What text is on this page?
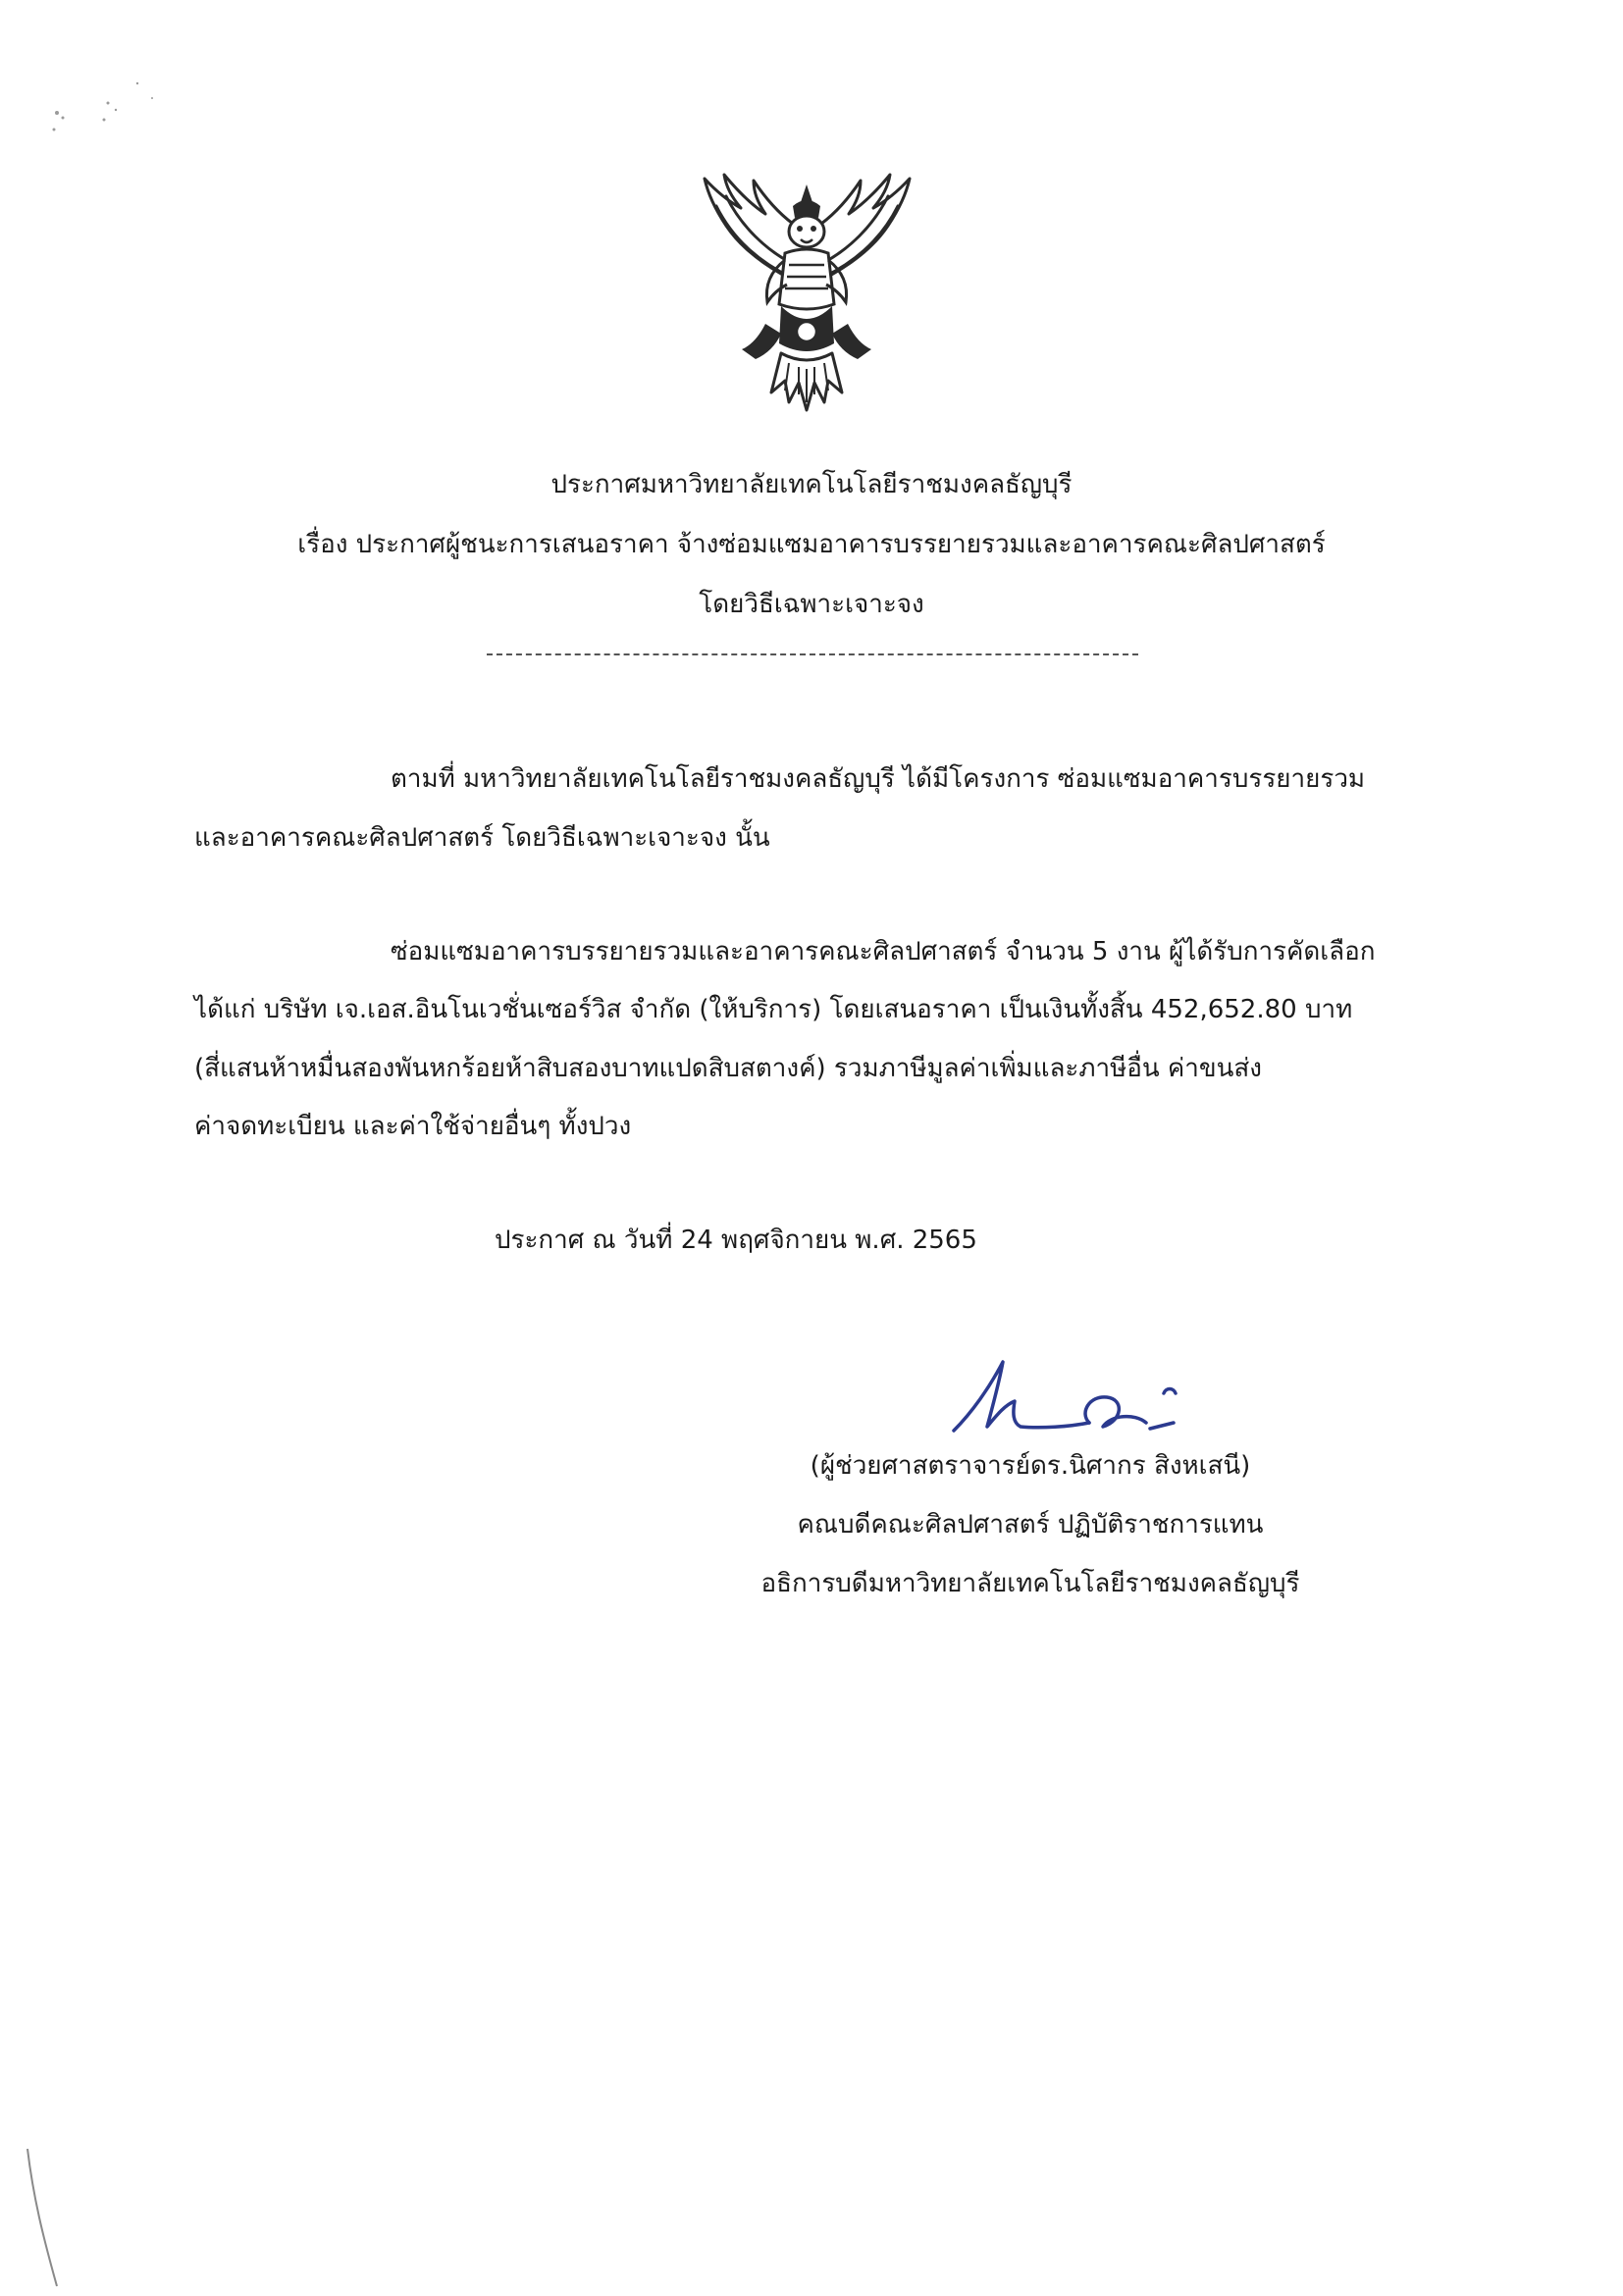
ประกาศมหาวิทยาลัยเทคโนโลยีราชมงคลธัญบุรี
เรื่อง ประกาศผู้ชนะการเสนอราคา จ้างซ่อมแซมอาคารบรรยายรวมและอาคารคณะศิลปศาสตร์
โดยวิธีเฉพาะเจาะจง
ตามที่ มหาวิทยาลัยเทคโนโลยีราชมงคลธัญบุรี ได้มีโครงการ ซ่อมแซมอาคารบรรยายรวม
และอาคารคณะศิลปศาสตร์ โดยวิธีเฉพาะเจาะจง นั้น
ซ่อมแซมอาคารบรรยายรวมและอาคารคณะศิลปศาสตร์ จำนวน 5 งาน ผู้ได้รับการคัดเลือก
ได้แก่ บริษัท เจ.เอส.อินโนเวชั่นเซอร์วิส จำกัด (ให้บริการ) โดยเสนอราคา เป็นเงินทั้งสิ้น 452,652.80 บาท
(สี่แสนห้าหมื่นสองพันหกร้อยห้าสิบสองบาทแปดสิบสตางค์) รวมภาษีมูลค่าเพิ่มและภาษีอื่น ค่าขนส่ง
ค่าจดทะเบียน และค่าใช้จ่ายอื่นๆ ทั้งปวง
ประกาศ ณ วันที่ 24 พฤศจิกายน พ.ศ. 2565
(ผู้ช่วยศาสตราจารย์ดร.นิศากร สิงหเสนี)
คณบดีคณะศิลปศาสตร์ ปฏิบัติราชการแทน
อธิการบดีมหาวิทยาลัยเทคโนโลยีราชมงคลธัญบุรี
